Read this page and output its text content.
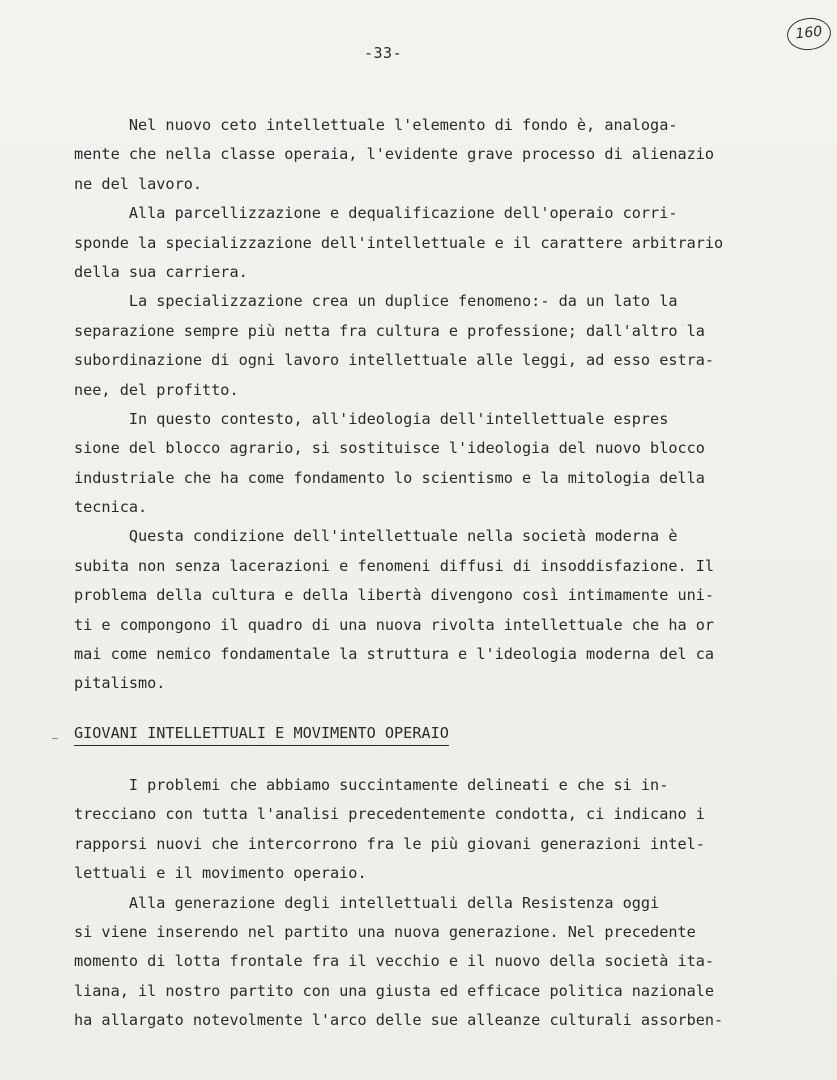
-33-
160
Nel nuovo ceto intellettuale l'elemento di fondo è, analoga-
mente che nella classe operaia, l'evidente grave processo di alienazio
ne del lavoro.
Alla parcellizzazione e dequalificazione dell'operaio corri-
sponde la specializzazione dell'intellettuale e il carattere arbitrario
della sua carriera.
La specializzazione crea un duplice fenomeno:- da un lato la
separazione sempre più netta fra cultura e professione; dall'altro la
subordinazione di ogni lavoro intellettuale alle leggi, ad esso estra-
nee, del profitto.
In questo contesto, all'ideologia dell'intellettuale espres
sione del blocco agrario, si sostituisce l'ideologia del nuovo blocco
industriale che ha come fondamento lo scientismo e la mitologia della
tecnica.
Questa condizione dell'intellettuale nella società moderna è
subita non senza lacerazioni e fenomeni diffusi di insoddisfazione. Il
problema della cultura e della libertà divengono così intimamente uni-
ti e compongono il quadro di una nuova rivolta intellettuale che ha or
mai come nemico fondamentale la struttura e l'ideologia moderna del ca
pitalismo.
GIOVANI INTELLETTUALI E MOVIMENTO OPERAIO
I problemi che abbiamo succintamente delineati e che si in-
trecciano con tutta l'analisi precedentemente condotta, ci indicano i
rapporsi nuovi che intercorrono fra le più giovani generazioni intel-
lettuali e il movimento operaio.
Alla generazione degli intellettuali della Resistenza oggi
si viene inserendo nel partito una nuova generazione. Nel precedente
momento di lotta frontale fra il vecchio e il nuovo della società ita-
liana, il nostro partito con una giusta ed efficace politica nazionale
ha allargato notevolmente l'arco delle sue alleanze culturali assorben-
